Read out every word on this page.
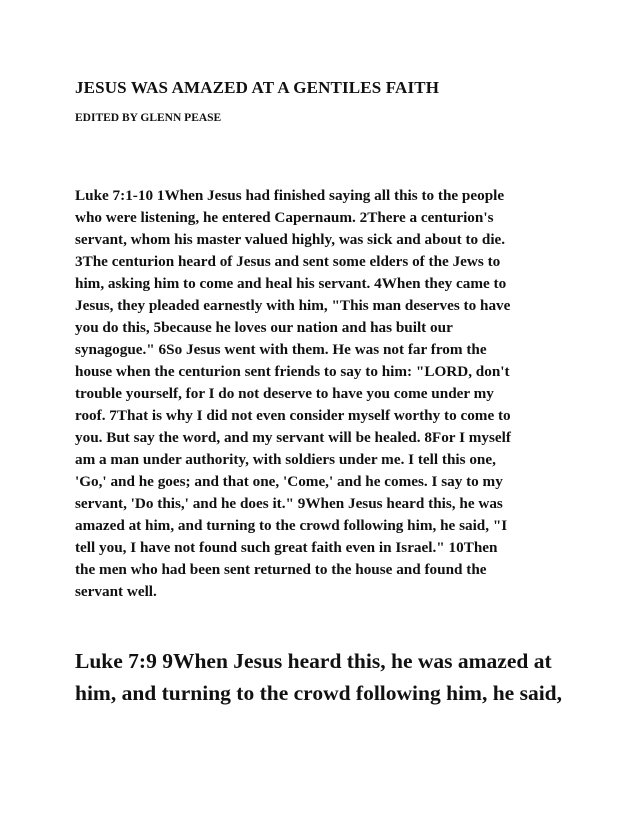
JESUS WAS AMAZED AT A GENTILES FAITH
EDITED BY GLENN PEASE
Luke 7:1-10 1When Jesus had finished saying all this to the people
who were listening, he entered Capernaum. 2There a centurion's
servant, whom his master valued highly, was sick and about to die.
3The centurion heard of Jesus and sent some elders of the Jews to
him, asking him to come and heal his servant. 4When they came to
Jesus, they pleaded earnestly with him, "This man deserves to have
you do this, 5because he loves our nation and has built our
synagogue." 6So Jesus went with them. He was not far from the
house when the centurion sent friends to say to him: "LORD, don't
trouble yourself, for I do not deserve to have you come under my
roof. 7That is why I did not even consider myself worthy to come to
you. But say the word, and my servant will be healed. 8For I myself
am a man under authority, with soldiers under me. I tell this one,
'Go,' and he goes; and that one, 'Come,' and he comes. I say to my
servant, 'Do this,' and he does it." 9When Jesus heard this, he was
amazed at him, and turning to the crowd following him, he said, "I
tell you, I have not found such great faith even in Israel." 10Then
the men who had been sent returned to the house and found the
servant well.
Luke 7:9 9When Jesus heard this, he was amazed at
him, and turning to the crowd following him, he said,
